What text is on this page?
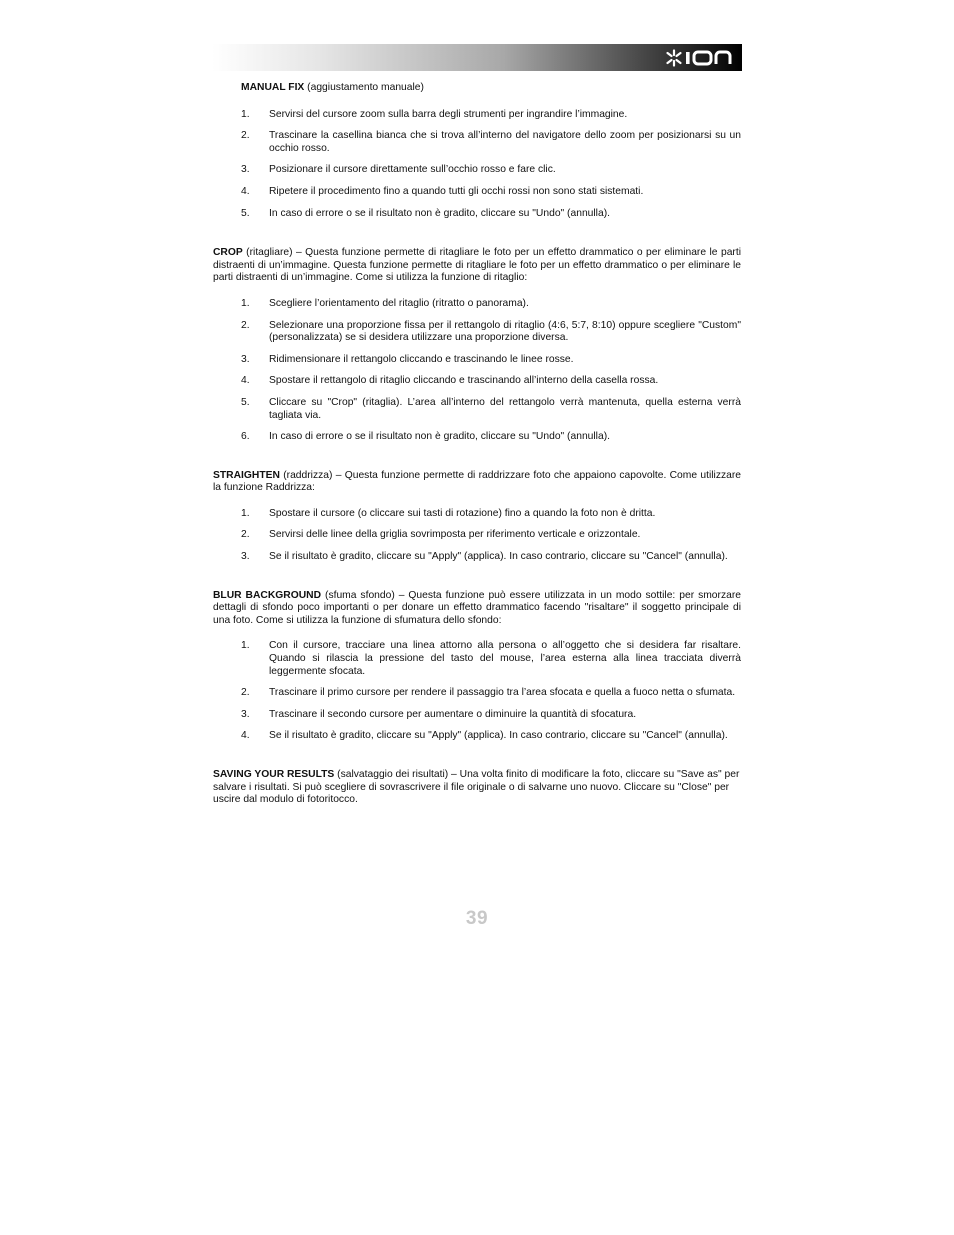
MANUAL FIX (aggiustamento manuale)

1.	Servirsi del cursore zoom sulla barra degli strumenti per ingrandire l’immagine.
2.	Trascinare la casellina bianca che si trova all’interno del navigatore dello zoom per posizionarsi su un occhio rosso.
3.	Posizionare il cursore direttamente sull’occhio rosso e fare clic.
4.	Ripetere il procedimento fino a quando tutti gli occhi rossi non sono stati sistemati.
5.	In caso di errore o se il risultato non è gradito, cliccare su "Undo" (annulla).

CROP (ritagliare) – Questa funzione permette di ritagliare le foto per un effetto drammatico o per eliminare le parti distraenti di un’immagine. Questa funzione permette di ritagliare le foto per un effetto drammatico o per eliminare le parti distraenti di un’immagine. Come si utilizza la funzione di ritaglio:

1.	Scegliere l’orientamento del ritaglio (ritratto o panorama).
2.	Selezionare una proporzione fissa per il rettangolo di ritaglio (4:6, 5:7, 8:10) oppure scegliere "Custom" (personalizzata) se si desidera utilizzare una proporzione diversa.
3.	Ridimensionare il rettangolo cliccando e trascinando le linee rosse.
4.	Spostare il rettangolo di ritaglio cliccando e trascinando all’interno della casella rossa.
5.	Cliccare su "Crop" (ritaglia). L’area all’interno del rettangolo verrà mantenuta, quella esterna verrà tagliata via.
6.	In caso di errore o se il risultato non è gradito, cliccare su "Undo" (annulla).

STRAIGHTEN (raddrizza) – Questa funzione permette di raddrizzare foto che appaiono capovolte. Come utilizzare la funzione Raddrizza:

1.	Spostare il cursore (o cliccare sui tasti di rotazione) fino a quando la foto non è dritta.
2.	Servirsi delle linee della griglia sovrimposta per riferimento verticale e orizzontale.
3.	Se il risultato è gradito, cliccare su "Apply" (applica). In caso contrario, cliccare su "Cancel" (annulla).

BLUR BACKGROUND (sfuma sfondo) – Questa funzione può essere utilizzata in un modo sottile: per smorzare dettagli di sfondo poco importanti o per donare un effetto drammatico facendo "risaltare" il soggetto principale di una foto. Come si utilizza la funzione di sfumatura dello sfondo:

1.	Con il cursore, tracciare una linea attorno alla persona o all’oggetto che si desidera far risaltare. Quando si rilascia la pressione del tasto del mouse, l’area esterna alla linea tracciata diverrà leggermente sfocata.
2.	Trascinare il primo cursore per rendere il passaggio tra l’area sfocata e quella a fuoco netta o sfumata.
3.	Trascinare il secondo cursore per aumentare o diminuire la quantità di sfocatura.
4.	Se il risultato è gradito, cliccare su "Apply" (applica). In caso contrario, cliccare su "Cancel" (annulla).

SAVING YOUR RESULTS (salvataggio dei risultati) – Una volta finito di modificare la foto, cliccare su "Save as" per salvare i risultati. Si può scegliere di sovrascrivere il file originale o di salvarne uno nuovo. Cliccare su "Close" per uscire dal modulo di fotoritocco.

39
